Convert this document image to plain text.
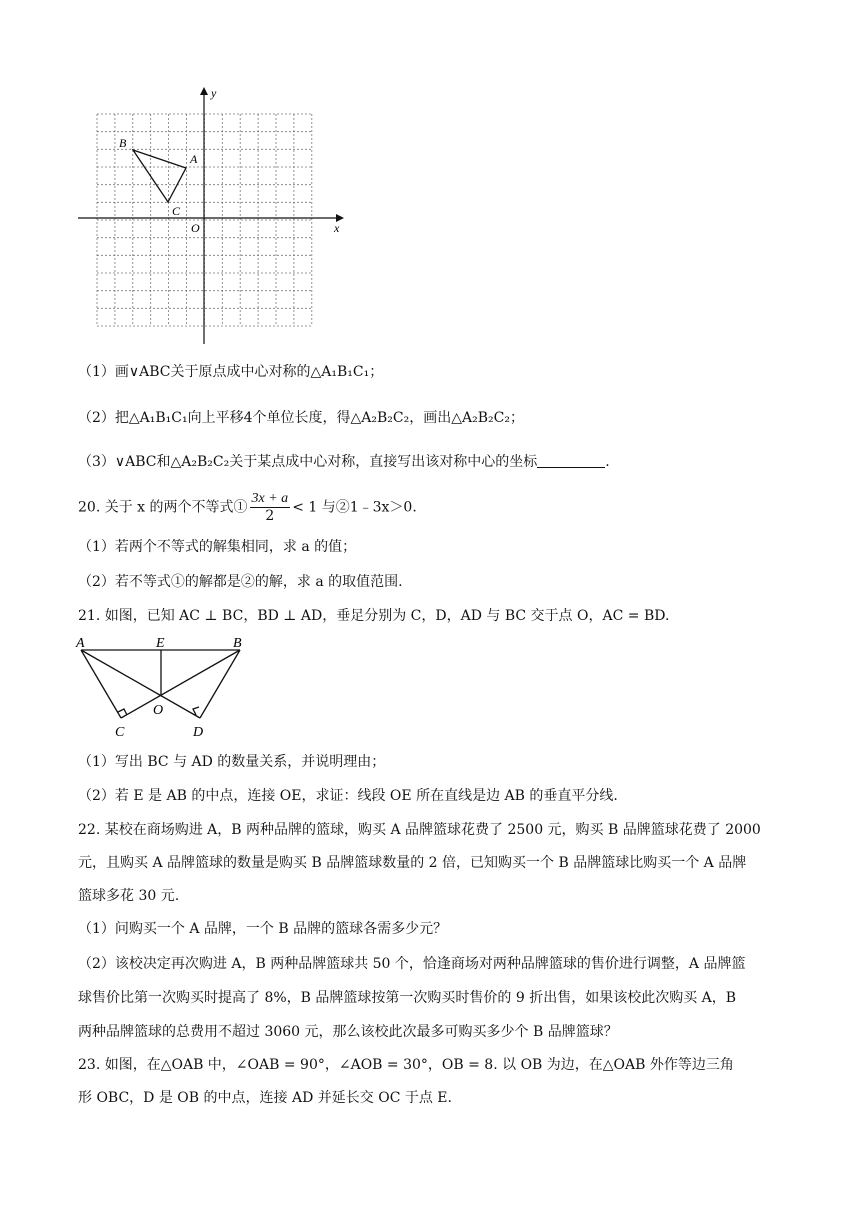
y
x
O
B
A
C
（1）画∨ABC关于原点成中心对称的△A₁B₁C₁；
（2）把△A₁B₁C₁向上平移4个单位长度，得△A₂B₂C₂，画出△A₂B₂C₂；
（3）∨ABC和△A₂B₂C₂关于某点成中心对称，直接写出该对称中心的坐标	.
20. 关于 x 的两个不等式① $\frac{3x + a}{2} < 1$ 与②1﹣3x＞0.
（1）若两个不等式的解集相同，求 a 的值；
（2）若不等式①的解都是②的解，求 a 的取值范围.
21. 如图，已知 AC ⊥ BC，BD ⊥ AD，垂足分别为 C，D，AD 与 BC 交于点 O，AC = BD.
A	E	B
O
C	D
（1）写出 BC 与 AD 的数量关系，并说明理由；
（2）若 E 是 AB 的中点，连接 OE，求证：线段 OE 所在直线是边 AB 的垂直平分线.
22. 某校在商场购进 A，B 两种品牌的篮球，购买 A 品牌篮球花费了 2500 元，购买 B 品牌篮球花费了 2000
元，且购买 A 品牌篮球的数量是购买 B 品牌篮球数量的 2 倍，已知购买一个 B 品牌篮球比购买一个 A 品牌
篮球多花 30 元.
（1）问购买一个 A 品牌，一个 B 品牌的篮球各需多少元？
（2）该校决定再次购进 A，B 两种品牌篮球共 50 个，恰逢商场对两种品牌篮球的售价进行调整，A 品牌篮
球售价比第一次购买时提高了 8%，B 品牌篮球按第一次购买时售价的 9 折出售，如果该校此次购买 A，B
两种品牌篮球的总费用不超过 3060 元，那么该校此次最多可购买多少个 B 品牌篮球？
23. 如图，在△OAB 中，∠OAB = 90°，∠AOB = 30°，OB = 8. 以 OB 为边，在△OAB 外作等边三角
形 OBC，D 是 OB 的中点，连接 AD 并延长交 OC 于点 E.
